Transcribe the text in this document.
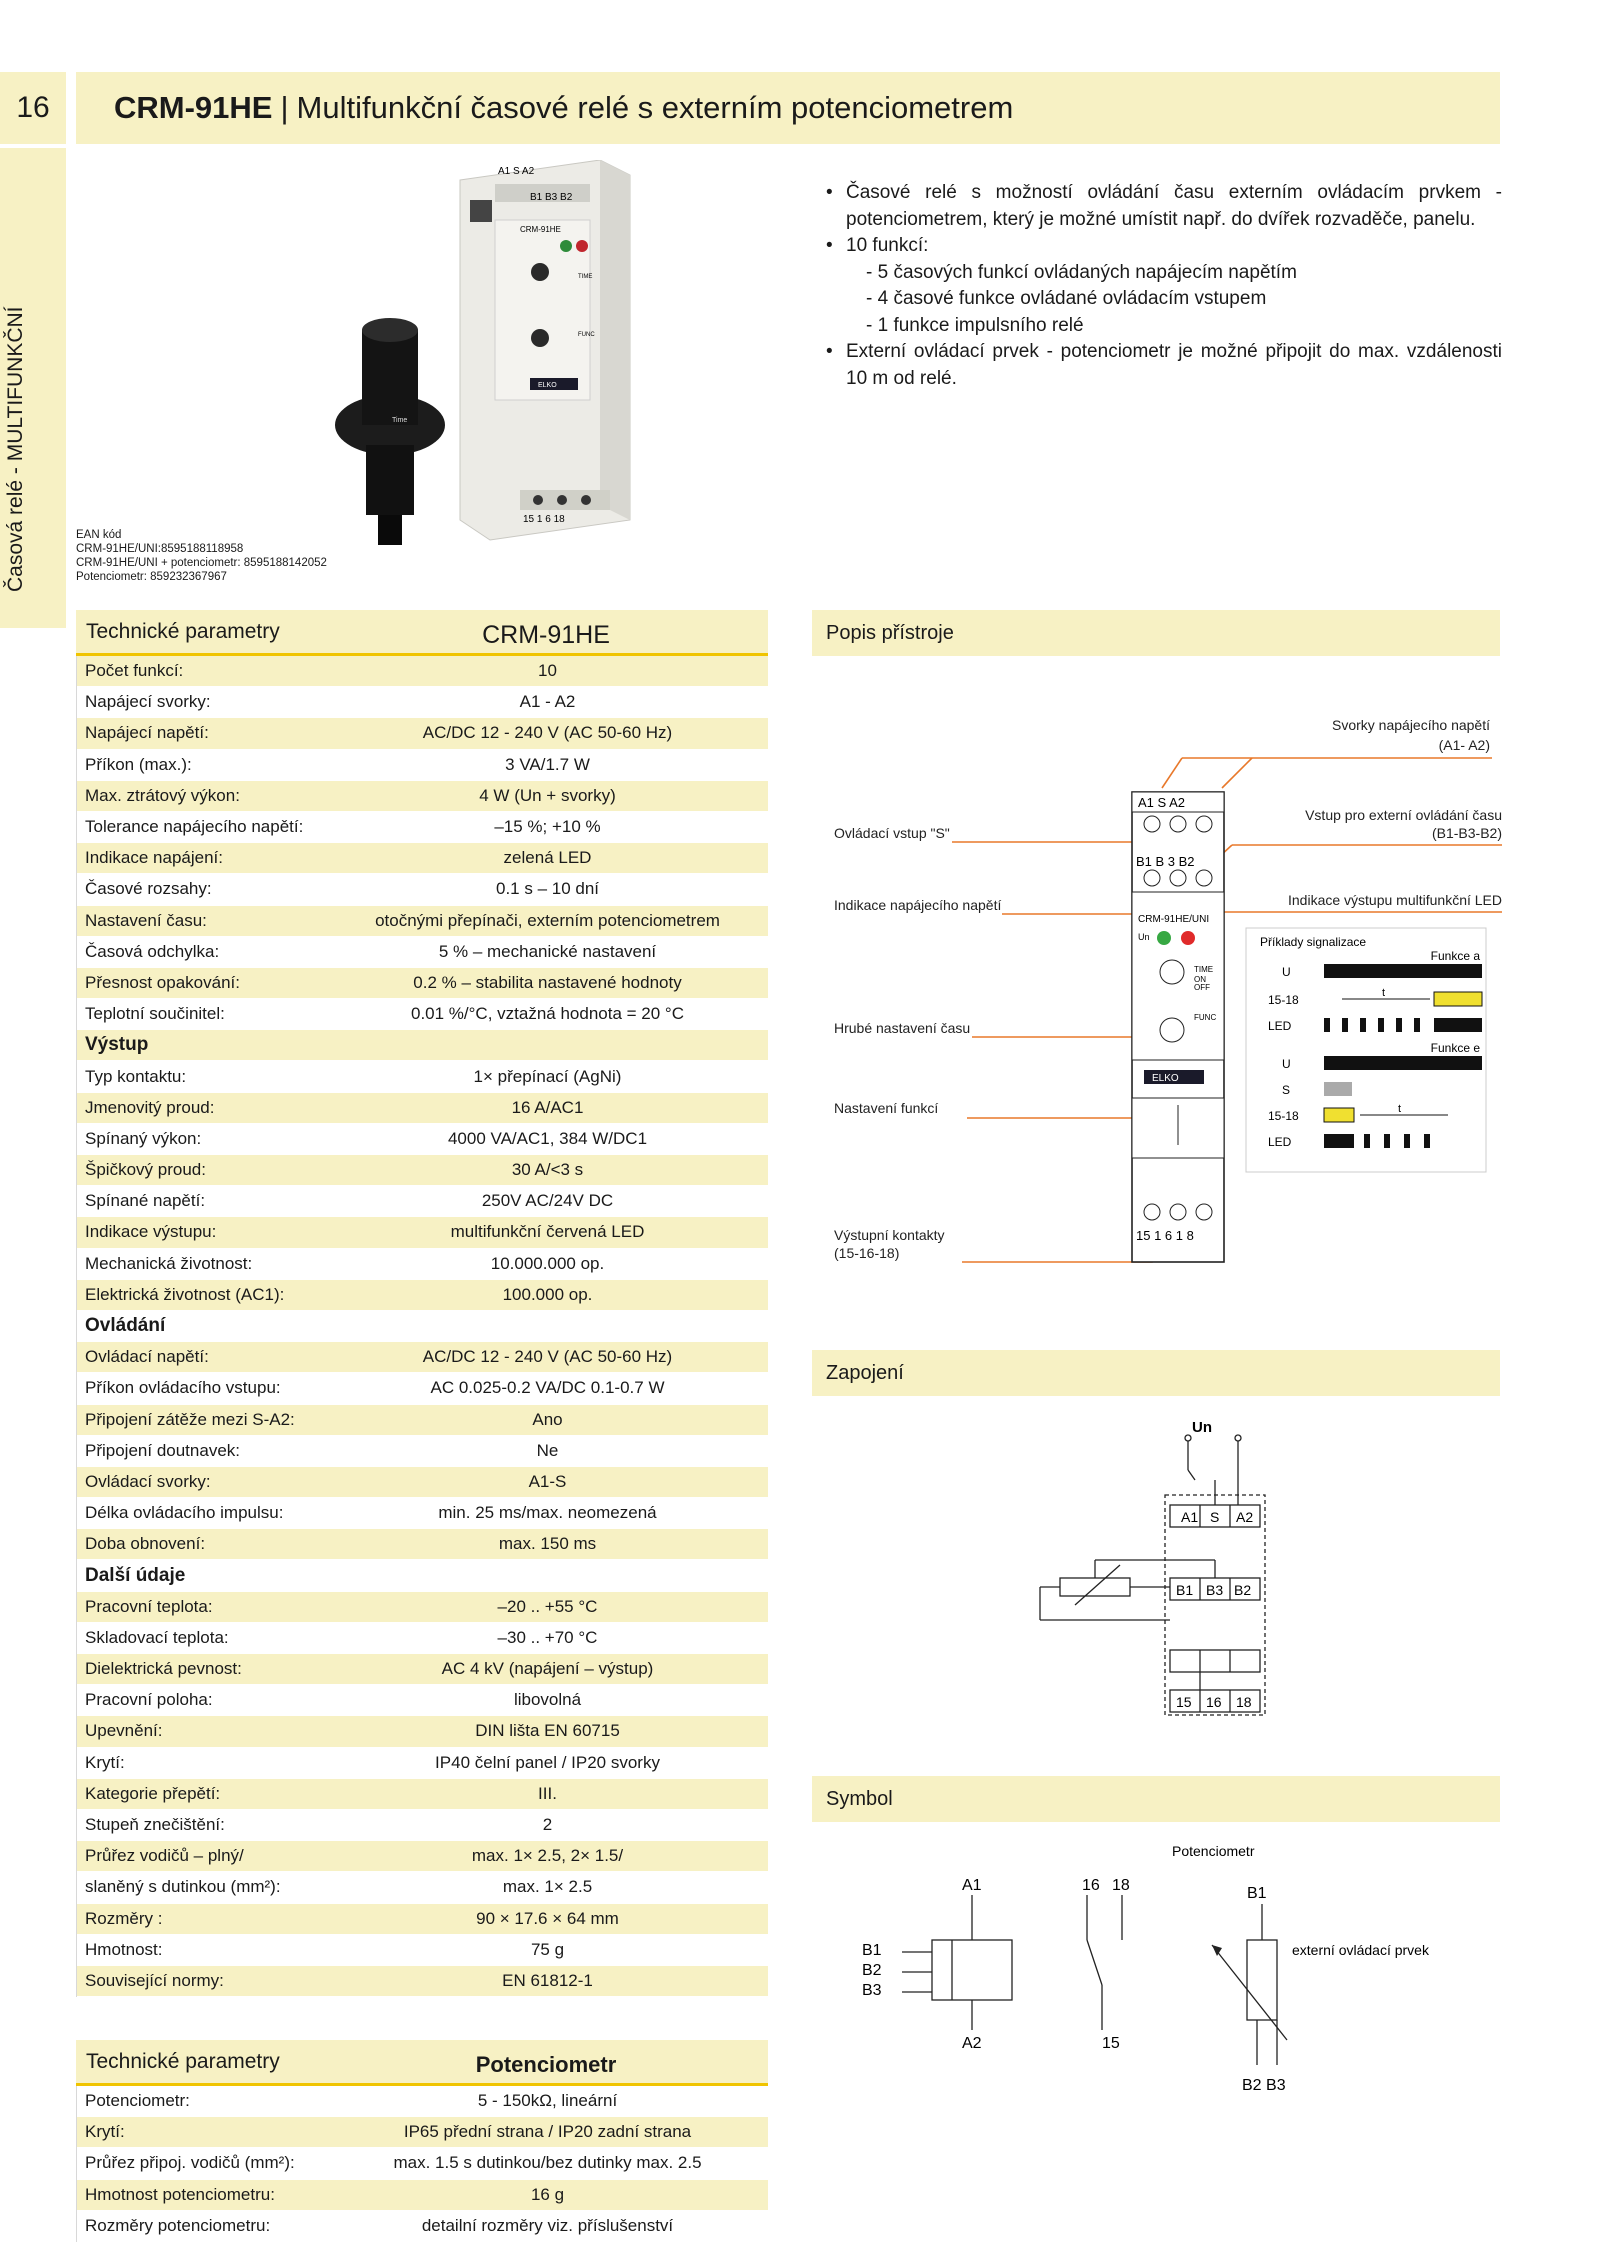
16	CRM-91HE | Multifunkční časové relé s externím potenciometrem
Časová relé - MULTIFUNKČNÍ
A1 S A2
B1 B3 B2
CRM-91HE
TIME
FUNC
ELKO
15 1 6 18
Time
EAN kód
CRM-91HE/UNI:8595188118958
CRM-91HE/UNI + potenciometr: 8595188142052
Potenciometr: 859232367967
• Časové relé s možností ovládání času externím ovládacím prvkem -potenciometrem, který je možné umístit např. do dvířek rozvaděče, panelu.
• 10 funkcí:
- 5 časových funkcí ovládaných napájecím napětím
- 4 časové funkce ovládané ovládacím vstupem
- 1 funkce impulsního relé
• Externí ovládací prvek - potenciometr je možné připojit do max. vzdálenosti 10 m od relé.
Technické parametry	CRM-91HE
Počet funkcí:	10
Napájecí svorky:	A1 - A2
Napájecí napětí:	AC/DC 12 - 240 V (AC 50-60 Hz)
Příkon (max.):	3 VA/1.7 W
Max. ztrátový výkon:	4 W (Un + svorky)
Tolerance napájecího napětí:	–15 %; +10 %
Indikace napájení:	zelená LED
Časové rozsahy:	0.1 s – 10 dní
Nastavení času:	otočnými přepínači, externím potenciometrem
Časová odchylka:	5 % – mechanické nastavení
Přesnost opakování:	0.2 % – stabilita nastavené hodnoty
Teplotní součinitel:	0.01 %/°C, vztažná hodnota = 20 °C
Výstup
Typ kontaktu:	1× přepínací (AgNi)
Jmenovitý proud:	16 A/AC1
Spínaný výkon:	4000 VA/AC1, 384 W/DC1
Špičkový proud:	30 A/<3 s
Spínané napětí:	250V AC/24V DC
Indikace výstupu:	multifunkční červená LED
Mechanická životnost:	10.000.000 op.
Elektrická životnost (AC1):	100.000 op.
Ovládání
Ovládací napětí:	AC/DC 12 - 240 V (AC 50-60 Hz)
Příkon ovládacího vstupu:	AC 0.025-0.2 VA/DC 0.1-0.7 W
Připojení zátěže mezi S-A2:	Ano
Připojení doutnavek:	Ne
Ovládací svorky:	A1-S
Délka ovládacího impulsu:	min. 25 ms/max. neomezená
Doba obnovení:	max. 150 ms
Další údaje
Pracovní teplota:	–20 .. +55 °C
Skladovací teplota:	–30 .. +70 °C
Dielektrická pevnost:	AC 4 kV (napájení – výstup)
Pracovní poloha:	libovolná
Upevnění:	DIN lišta EN 60715
Krytí:	IP40 čelní panel / IP20 svorky
Kategorie přepětí:	III.
Stupeň znečištění:	2
Průřez vodičů – plný/	max. 1× 2.5, 2× 1.5/
slaněný s dutinkou (mm²):	max. 1× 2.5
Rozměry :	90 × 17.6 × 64 mm
Hmotnost:	75 g
Související normy:	EN 61812-1
Technické parametry	Potenciometr
Potenciometr:	5 - 150kΩ, lineární
Krytí:	IP65 přední strana / IP20 zadní strana
Průřez připoj. vodičů (mm²):	max. 1.5 s dutinkou/bez dutinky max. 2.5
Hmotnost potenciometru:	16 g
Rozměry potenciometru:	detailní rozměry viz. příslušenství
Popis přístroje
Svorky napájecího napětí
(A1- A2)
Vstup pro externí ovládání času
(B1-B3-B2)
Indikace výstupu multifunkční LED
Ovládací vstup "S"
Indikace napájecího napětí
Hrubé nastavení času
Nastavení funkcí
Výstupní kontakty
(15-16-18)
A1 S A2
B1 B 3 B2
CRM-91HE/UNI
Un
TIME
ON
OFF
FUNC
ELKO
15 1 6 1 8
Příklady signalizace
Funkce a
U
15-18	t
LED
Funkce e
U
S
15-18	t
LED
Zapojení
Un
A1 S A2
B1 B3 B2
15 16 18
Symbol
Potenciometr
externí ovládací prvek
A1
A2
B1
B2
B3
16 18
15
B1
B2 B3
